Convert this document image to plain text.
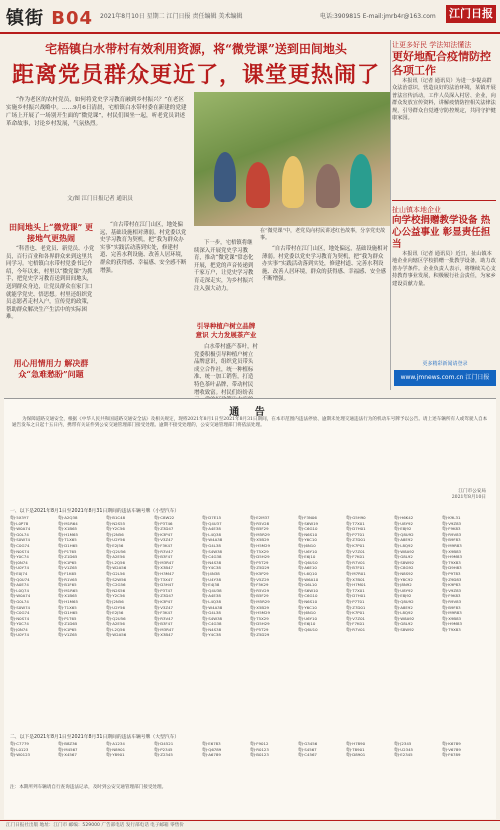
镇街 B04 2021年8月10日 星期二 江门日报 责任编辑 美术编辑	电话:3909815 E-mail:jmrb4r@163.com 江门日报
宅梧镇白水带村有效利用资源，将“微党课”送到田间地头
距离党员群众更近了，课堂更热闹了
“作为老区的农村党员，如何将党史学习教育融到乡村振兴？”在老区实施乡村振兴战略中。……9月6日清晨，宅梧镇白水带村委在新建的党建广场上开展了一场别开生面的“微党课”，村民们围坐一起，听老党员讲述革命故事，讨论乡村发展，气氛热烈。
文/图 江门日报记者 通讯员
在“微党课”中，老党员向村民讲述红色故事，分享党史故事。
田间地头上“微党课” 更接地气更热闹
“科普也、老党员、新党员、小党员，百行百业和各界群众来到这里共同学习。宅梧镇白水带村党委书记介绍，今年以来，村里以“微党课”为抓手，把党史学习教育送到田间地头，送到群众身边，让党员群众在家门口就能学党史、悟思想。村里还组织党员志愿者走村入户，宣传党的政策，帮助群众解决生产生活中的实际困难。
用心用情用力 解决群众“急难愁盼”问题
“自古带村在江门山区，地处偏远，基础设施相对薄弱。村党委以党史学习教育为契机，把“我为群众办实事”实践活动落到实处，修建村道、完善水利设施、改善人居环境，群众的获得感、幸福感、安全感不断增强。
下一步，宅梧镇将继续深入开展党史学习教育，推动“微党课”常态化开展，把党的声音传递到千家万户，让党史学习教育走深走实，为乡村振兴注入强大动力。
引导种植户树立品牌意识 大力发展茶产业
白水带村盛产茶叶，村党委积极引导种植户树立品牌意识，组织党员带头成立合作社，统一种植标准、统一加工销售，打造特色茶叶品牌，带动村民增收致富。村民们纷纷表
“自古带村在江门山区，地处偏远，基础设施相对薄弱。村党委以党史学习教育为契机，把“我为群众办实事”实践活动落到实处，修建村道、完善水利设施、改善人居环境，群众的获得感、幸福感、安全感不断增强。
让更多好民 学法知法懂法
更好地配合疫情防控各项工作
本报讯（记者 通讯员）为进一步提高群众法治意识，营造良好的法治环境，某镇开展普法宣传活动，工作人员深入村居、企业，向群众发放宣传资料，讲解疫情防控相关法律法规，引导群众自觉遵守防控规定，共同守护健康家园。
扯山镇本地企业
向学校捐赠教学设备 热心公益事业 彰显责任担当
本报讯（记者 通讯员）近日，扯山镇本地企业向辖区学校捐赠一批教学设备，助力改善办学条件。企业负责人表示，将继续关心支持教育事业发展，积极履行社会责任，为家乡建设贡献力量。
更多精彩新闻请登录
www.jmnews.com.cn 江门日报
通 告
为保障道路交通安全，根据《中华人民共和国道路交通安全法》及相关规定，现将2021年8月1日至2021年8月31日期间，在本市范围内违法停放、逾期未处理交通违法行为的机动车号牌予以公告。请上述车辆所有人或驾驶人自本通告发布之日起十五日内，携带有关证件到公安交通管理部门接受处理。逾期不接受处理的，公安交通管理部门将依法处理。
江门市公安局
2021年8月10日
一、以下是2021年8月1日至2021年8月31日期间的违法车辆号牌（小型汽车）
粤J·5X3Y7	粤J·A2Q38	粤J·B1C48	粤J·C8W22	粤J·D7E15	粤J·E2M37	粤J·F3N06	粤J·G5H90	粤J·H6K42	粤J·K9L31
粤J·L0P78	粤J·M1R64	粤J·N2S55	粤J·P3T46	粤J·Q4U37	粤J·R5V28	粤J·S6W19	粤J·T7X01	粤J·U8Y92	粤J·V9Z83
粤J·W0A74	粤J·X1B65	粤J·Y2C56	粤J·Z3D47	粤J·A4E38	粤J·B5F29	粤J·C6G10	粤J·D7H01	粤J·E8J92	粤J·F9K83
粤J·G0L74	粤J·H1M65	粤J·J2N56	粤J·K3P47	粤J·L4Q38	粤J·M5R29	粤J·N6S10	粤J·P7T01	粤J·Q8U92	粤J·R9V83
粤J·S0W74	粤J·T1X65	粤J·U2Y56	粤J·V3Z47	粤J·W4A38	粤J·X5B29	粤J·Y6C10	粤J·Z7D01	粤J·A8E92	粤J·B9F83
粤J·C0G74	粤J·D1H65	粤J·E2J56	粤J·F3K47	粤J·G4L38	粤J·H5M29	粤J·J6N10	粤J·K7P01	粤J·L8Q92	粤J·M9R83
粤J·N0S74	粤J·P1T65	粤J·Q2U56	粤J·R3V47	粤J·S4W38	粤J·T5X29	粤J·U6Y10	粤J·V7Z01	粤J·W8A92	粤J·X9B83
粤J·Y0C74	粤J·Z1D65	粤J·A2E56	粤J·B3F47	粤J·C4G38	粤J·D5H29	粤J·E6J10	粤J·F7K01	粤J·G8L92	粤J·H9M83
粤J·J0N74	粤J·K1P65	粤J·L2Q56	粤J·M3R47	粤J·N4S38	粤J·P5T29	粤J·Q6U10	粤J·R7V01	粤J·S8W92	粤J·T9X83
粤J·U0Y74	粤J·V1Z65	粤J·W2A56	粤J·X3B47	粤J·Y4C38	粤J·Z5D29	粤J·A6E10	粤J·B7F01	粤J·C8G92	粤J·D9H83
粤J·E0J74	粤J·F1K65	粤J·G2L56	粤J·H3M47	粤J·J4N38	粤J·K5P29	粤J·L6Q10	粤J·M7R01	粤J·N8S92	粤J·P9T83
粤J·Q0U74	粤J·R1V65	粤J·S2W56	粤J·T3X47	粤J·U4Y38	粤J·V5Z29	粤J·W6A10	粤J·X7B01	粤J·Y8C92	粤J·Z9D83
粤J·A0E74	粤J·B1F65	粤J·C2G56	粤J·D3H47	粤J·E4J38	粤J·F5K29	粤J·G6L10	粤J·H7M01	粤J·J8N92	粤J·K9P83
粤J·L0Q74	粤J·M1R65	粤J·N2S56	粤J·P3T47	粤J·Q4U38	粤J·R5V29	粤J·S6W10	粤J·T7X01	粤J·U8Y92	粤J·V9Z83
粤J·W0A74	粤J·X1B65	粤J·Y2C56	粤J·Z3D47	粤J·A4E38	粤J·B5F29	粤J·C6G10	粤J·D7H01	粤J·E8J92	粤J·F9K83
粤J·G0L74	粤J·H1M65	粤J·J2N56	粤J·K3P47	粤J·L4Q38	粤J·M5R29	粤J·N6S10	粤J·P7T01	粤J·Q8U92	粤J·R9V83
粤J·S0W74	粤J·T1X65	粤J·U2Y56	粤J·V3Z47	粤J·W4A38	粤J·X5B29	粤J·Y6C10	粤J·Z7D01	粤J·A8E92	粤J·B9F83
粤J·C0G74	粤J·D1H65	粤J·E2J56	粤J·F3K47	粤J·G4L38	粤J·H5M29	粤J·J6N10	粤J·K7P01	粤J·L8Q92	粤J·M9R83
粤J·N0S74	粤J·P1T65	粤J·Q2U56	粤J·R3V47	粤J·S4W38	粤J·T5X29	粤J·U6Y10	粤J·V7Z01	粤J·W8A92	粤J·X9B83
粤J·Y0C74	粤J·Z1D65	粤J·A2E56	粤J·B3F47	粤J·C4G38	粤J·D5H29	粤J·E6J10	粤J·F7K01	粤J·G8L92	粤J·H9M83
粤J·J0N74	粤J·K1P65	粤J·L2Q56	粤J·M3R47	粤J·N4S38	粤J·P5T29	粤J·Q6U10	粤J·R7V01	粤J·S8W92	粤J·T9X83
粤J·U0Y74	粤J·V1Z65	粤J·W2A56	粤J·X3B47	粤J·Y4C38	粤J·Z5D29
二、以下是2021年8月1日至2021年8月31日期间的违法车辆号牌（大型汽车）
粤J·C7779	粤J·B8Z36	粤J·A1234	粤J·D4521	粤J·E6783	粤J·F9012	粤J·G3456	粤J·H7890	粤J·J2345	粤J·K6789
粤J·L0123	粤J·M4567	粤J·N8901	粤J·P2345	粤J·Q6789	粤J·R0123	粤J·S4567	粤J·T8901	粤J·U2345	粤J·V6789
粤J·W0123	粤J·X4567	粤J·Y8901	粤J·Z2345	粤J·A6789	粤J·B0123	粤J·C4567	粤J·D8901	粤J·E2345	粤J·F6789
注：本期所列车辆请自行查询违法记录，及时到公安交通管理部门接受处理。
江门日报社出版 地址：江门市 邮编：529000 广告部电话 发行部电话 电子邮箱 零售价
